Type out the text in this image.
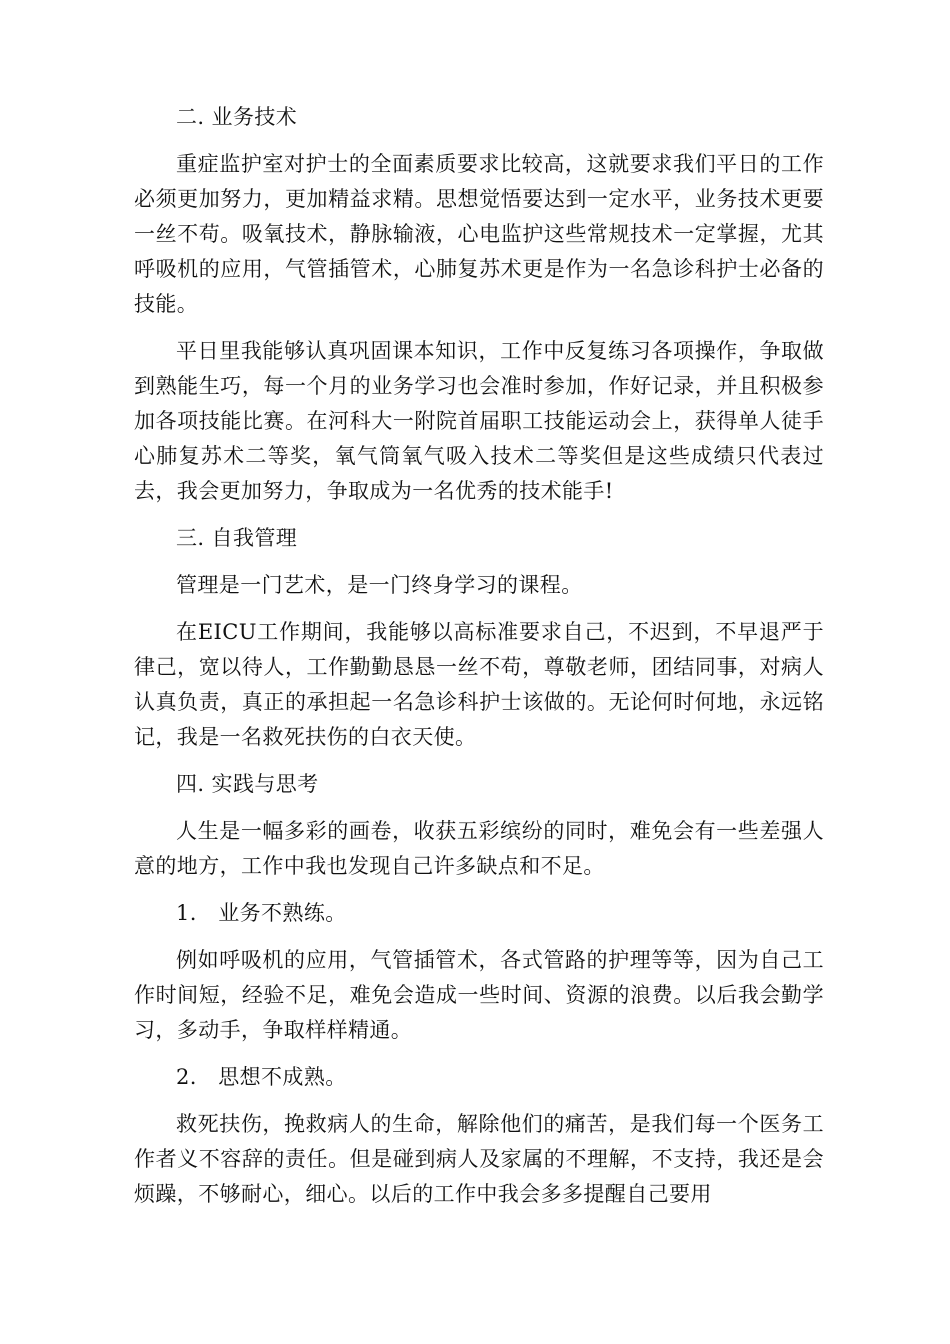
二. 业务技术

重症监护室对护士的全面素质要求比较高，这就要求我们平日的工作必须更加努力，更加精益求精。思想觉悟要达到一定水平，业务技术更要一丝不苟。吸氧技术，静脉输液，心电监护这些常规技术一定掌握，尤其呼吸机的应用，气管插管术，心肺复苏术更是作为一名急诊科护士必备的技能。

平日里我能够认真巩固课本知识，工作中反复练习各项操作，争取做到熟能生巧，每一个月的业务学习也会准时参加，作好记录，并且积极参加各项技能比赛。在河科大一附院首届职工技能运动会上，获得单人徒手心肺复苏术二等奖，氧气筒氧气吸入技术二等奖但是这些成绩只代表过去，我会更加努力，争取成为一名优秀的技术能手!

三. 自我管理

管理是一门艺术，是一门终身学习的课程。

在EICU工作期间，我能够以高标准要求自己，不迟到，不早退严于律己，宽以待人，工作勤勤恳恳一丝不苟，尊敬老师，团结同事，对病人认真负责，真正的承担起一名急诊科护士该做的。无论何时何地，永远铭记，我是一名救死扶伤的白衣天使。

四. 实践与思考

人生是一幅多彩的画卷，收获五彩缤纷的同时，难免会有一些差强人意的地方，工作中我也发现自己许多缺点和不足。

1.　业务不熟练。

例如呼吸机的应用，气管插管术，各式管路的护理等等，因为自己工作时间短，经验不足，难免会造成一些时间、资源的浪费。以后我会勤学习，多动手，争取样样精通。

2.　思想不成熟。

救死扶伤，挽救病人的生命，解除他们的痛苦，是我们每一个医务工作者义不容辞的责任。但是碰到病人及家属的不理解，不支持，我还是会烦躁，不够耐心，细心。以后的工作中我会多多提醒自己要用
